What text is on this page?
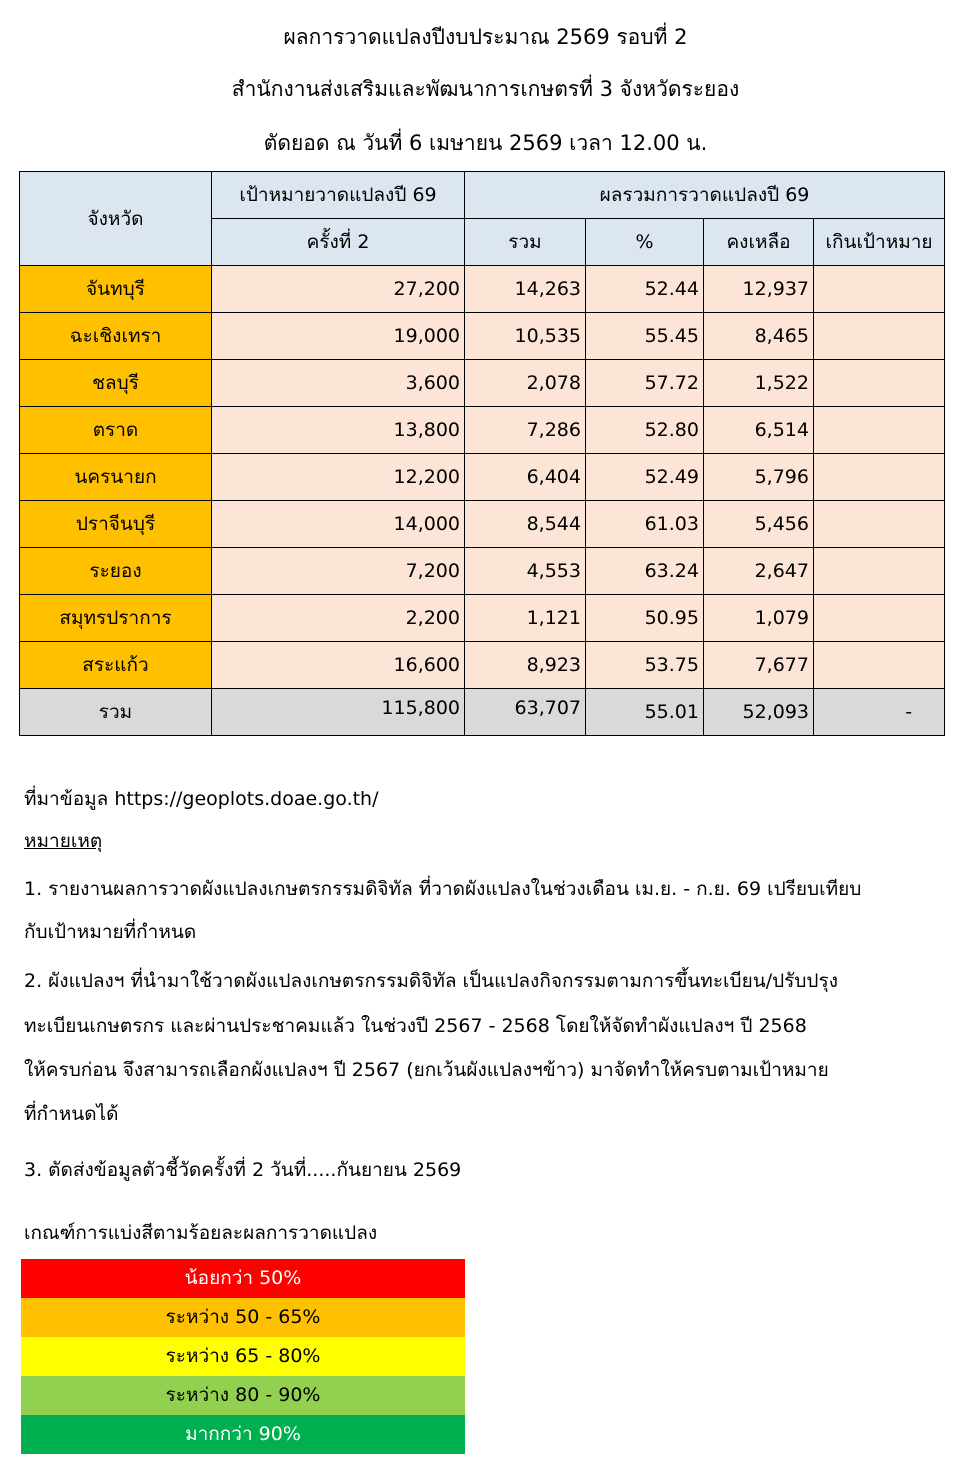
ผลการวาดแปลงปีงบประมาณ 2569 รอบที่ 2
สำนักงานส่งเสริมและพัฒนาการเกษตรที่ 3 จังหวัดระยอง
ตัดยอด ณ วันที่ 6 เมษายน 2569 เวลา 12.00 น.
จังหวัด	เป้าหมายวาดแปลงปี 69	ผลรวมการวาดแปลงปี 69			
	ครั้งที่ 2	รวม	%	คงเหลือ	เกินเป้าหมาย
จันทบุรี	27,200	14,263	52.44	12,937	
ฉะเชิงเทรา	19,000	10,535	55.45	8,465	
ชลบุรี	3,600	2,078	57.72	1,522	
ตราด	13,800	7,286	52.80	6,514	
นครนายก	12,200	6,404	52.49	5,796	
ปราจีนบุรี	14,000	8,544	61.03	5,456	
ระยอง	7,200	4,553	63.24	2,647	
สมุทรปราการ	2,200	1,121	50.95	1,079	
สระแก้ว	16,600	8,923	53.75	7,677	
รวม	115,800	63,707	55.01	52,093	-
ที่มาข้อมูล https://geoplots.doae.go.th/
หมายเหตุ
1. รายงานผลการวาดผังแปลงเกษตรกรรมดิจิทัล ที่วาดผังแปลงในช่วงเดือน เม.ย. - ก.ย. 69 เปรียบเทียบ
กับเป้าหมายที่กำหนด
2. ผังแปลงฯ ที่นำมาใช้วาดผังแปลงเกษตรกรรมดิจิทัล เป็นแปลงกิจกรรมตามการขึ้นทะเบียน/ปรับปรุง
ทะเบียนเกษตรกร และผ่านประชาคมแล้ว ในช่วงปี 2567 - 2568 โดยให้จัดทำผังแปลงฯ ปี 2568
ให้ครบก่อน จึงสามารถเลือกผังแปลงฯ ปี 2567 (ยกเว้นผังแปลงฯข้าว) มาจัดทำให้ครบตามเป้าหมาย
ที่กำหนดได้
3. ตัดส่งข้อมูลตัวชี้วัดครั้งที่ 2 วันที่.....กันยายน 2569
เกณฑ์การแบ่งสีตามร้อยละผลการวาดแปลง
น้อยกว่า 50%
ระหว่าง 50 - 65%
ระหว่าง 65 - 80%
ระหว่าง 80 - 90%
มากกว่า 90%
